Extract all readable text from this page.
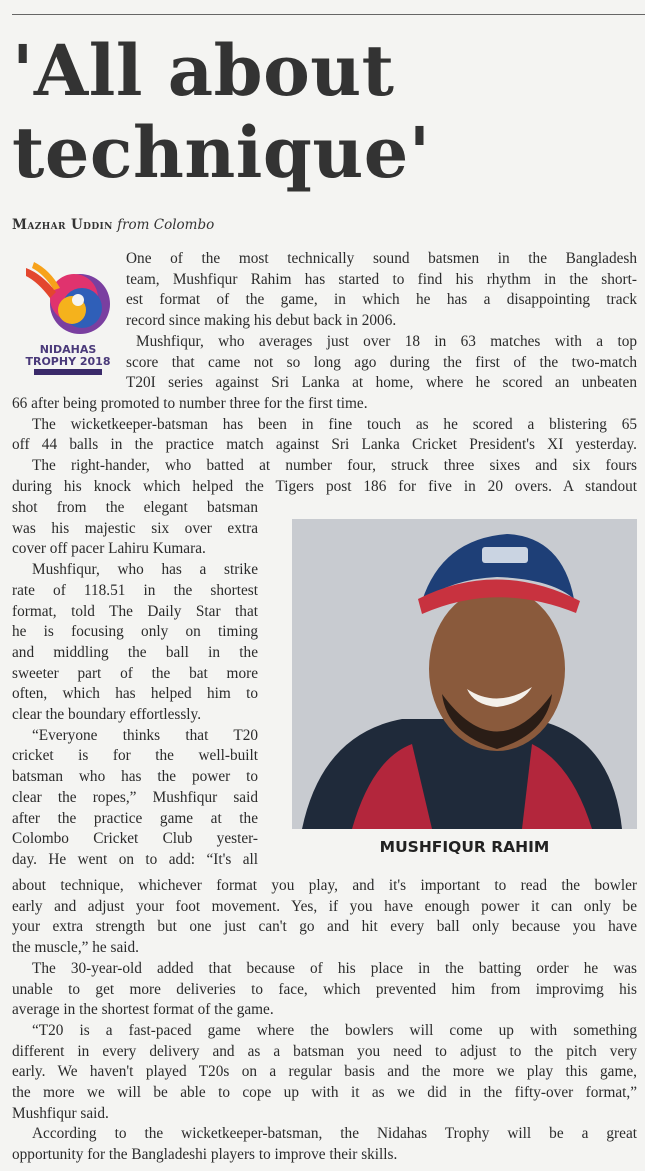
'All about technique'
Mazhar Uddin from Colombo
NIDAHAS
TROPHY 2018
MUSHFIQUR RAHIM
One of the most technically sound batsmen in the Bangladesh
team, Mushfiqur Rahim has started to find his rhythm in the short-
est format of the game, in which he has a disappointing track
record since making his debut back in 2006.
Mushfiqur, who averages just over 18 in 63 matches with a top
score that came not so long ago during the first of the two-match
T20I series against Sri Lanka at home, where he scored an unbeaten
66 after being promoted to number three for the first time.
The wicketkeeper-batsman has been in fine touch as he scored a blistering 65
off 44 balls in the practice match against Sri Lanka Cricket President's XI yesterday.
The right-hander, who batted at number four, struck three sixes and six fours
during his knock which helped the Tigers post 186 for five in 20 overs. A standout
shot from the elegant batsman
was his majestic six over extra
cover off pacer Lahiru Kumara.
Mushfiqur, who has a strike
rate of 118.51 in the shortest
format, told The Daily Star that
he is focusing only on timing
and middling the ball in the
sweeter part of the bat more
often, which has helped him to
clear the boundary effortlessly.
“Everyone thinks that T20
cricket is for the well-built
batsman who has the power to
clear the ropes,” Mushfiqur said
after the practice game at the
Colombo Cricket Club yester-
day. He went on to add: “It's all
about technique, whichever format you play, and it's important to read the bowler
early and adjust your foot movement. Yes, if you have enough power it can only be
your extra strength but one just can't go and hit every ball only because you have
the muscle,” he said.
The 30-year-old added that because of his place in the batting order he was
unable to get more deliveries to face, which prevented him from improvimg his
average in the shortest format of the game.
“T20 is a fast-paced game where the bowlers will come up with something
different in every delivery and as a batsman you need to adjust to the pitch very
early. We haven't played T20s on a regular basis and the more we play this game,
the more we will be able to cope up with it as we did in the fifty-over format,”
Mushfiqur said.
According to the wicketkeeper-batsman, the Nidahas Trophy will be a great
opportunity for the Bangladeshi players to improve their skills.
